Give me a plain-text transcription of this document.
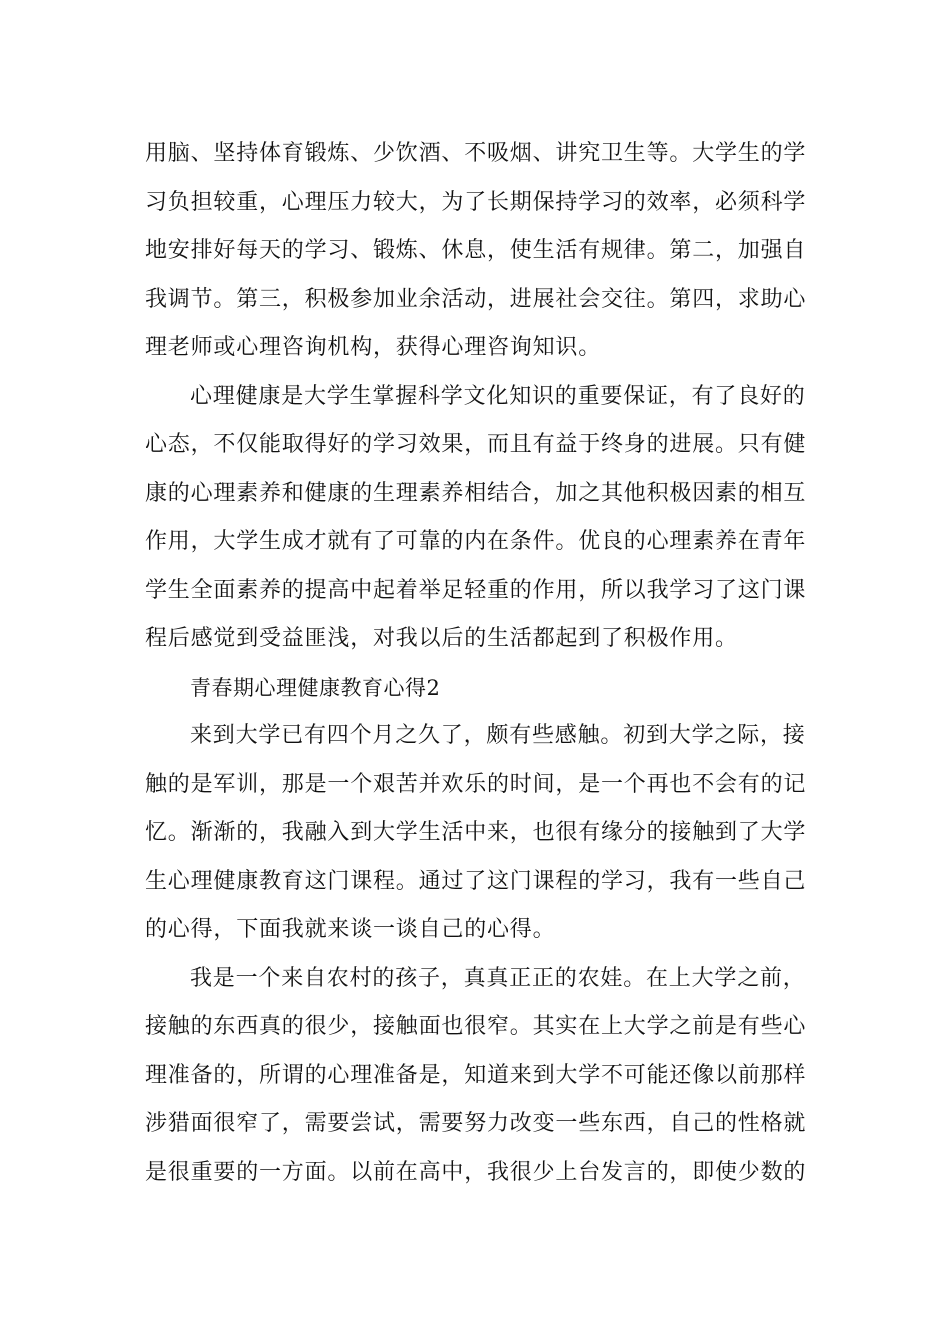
用脑、坚持体育锻炼、少饮酒、不吸烟、讲究卫生等。大学生的学
习负担较重，心理压力较大，为了长期保持学习的效率，必须科学
地安排好每天的学习、锻炼、休息，使生活有规律。第二，加强自
我调节。第三，积极参加业余活动，进展社会交往。第四，求助心
理老师或心理咨询机构，获得心理咨询知识。
心理健康是大学生掌握科学文化知识的重要保证，有了良好的
心态，不仅能取得好的学习效果，而且有益于终身的进展。只有健
康的心理素养和健康的生理素养相结合，加之其他积极因素的相互
作用，大学生成才就有了可靠的内在条件。优良的心理素养在青年
学生全面素养的提高中起着举足轻重的作用，所以我学习了这门课
程后感觉到受益匪浅，对我以后的生活都起到了积极作用。
青春期心理健康教育心得2
来到大学已有四个月之久了，颇有些感触。初到大学之际，接
触的是军训，那是一个艰苦并欢乐的时间，是一个再也不会有的记
忆。渐渐的，我融入到大学生活中来，也很有缘分的接触到了大学
生心理健康教育这门课程。通过了这门课程的学习，我有一些自己
的心得，下面我就来谈一谈自己的心得。
我是一个来自农村的孩子，真真正正的农娃。在上大学之前，
接触的东西真的很少，接触面也很窄。其实在上大学之前是有些心
理准备的，所谓的心理准备是，知道来到大学不可能还像以前那样
涉猎面很窄了，需要尝试，需要努力改变一些东西，自己的性格就
是很重要的一方面。以前在高中，我很少上台发言的，即使少数的
